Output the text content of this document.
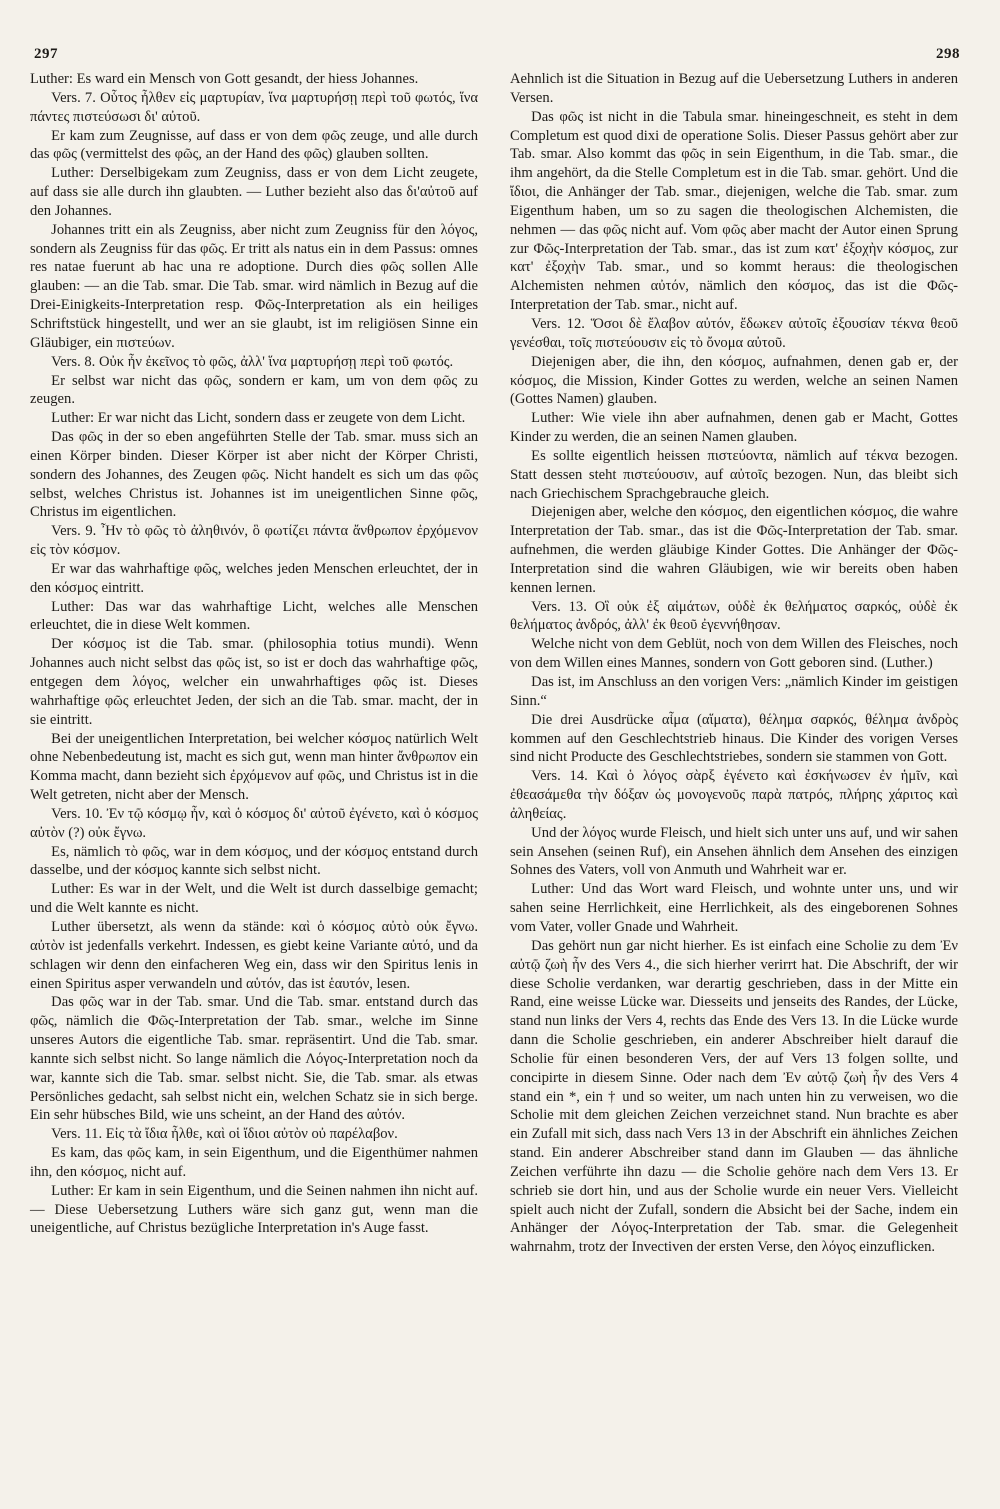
297	298

Luther: Es ward ein Mensch von Gott gesandt, der hiess Johannes.

Vers. 7. Οὗτος ἦλθεν εἰς μαρτυρίαν, ἵνα μαρτυρήσῃ περὶ τοῦ φωτός, ἵνα πάντες πιστεύσωσι δι' αὐτοῦ.

Er kam zum Zeugnisse, auf dass er von dem φῶς zeuge, und alle durch das φῶς (vermittelst des φῶς, an der Hand des φῶς) glauben sollten.

Luther: Derselbigekam zum Zeugniss, dass er von dem Licht zeugete, auf dass sie alle durch ihn glaubten. — Luther bezieht also das δι'αὐτοῦ auf den Johannes.

Johannes tritt ein als Zeugniss, aber nicht zum Zeugniss für den λόγος, sondern als Zeugniss für das φῶς. Er tritt als natus ein in dem Passus: omnes res natae fuerunt ab hac una re adoptione. Durch dies φῶς sollen Alle glauben: — an die Tab. smar. Die Tab. smar. wird nämlich in Bezug auf die Drei-Einigkeits-Interpretation resp. Φῶς-Interpretation als ein heiliges Schriftstück hingestellt, und wer an sie glaubt, ist im religiösen Sinne ein Gläubiger, ein πιστεύων.

Vers. 8. Οὐκ ἦν ἐκεῖνος τὸ φῶς, ἀλλ' ἵνα μαρτυρήσῃ περὶ τοῦ φωτός.

Er selbst war nicht das φῶς, sondern er kam, um von dem φῶς zu zeugen.

Luther: Er war nicht das Licht, sondern dass er zeugete von dem Licht.

Das φῶς in der so eben angeführten Stelle der Tab. smar. muss sich an einen Körper binden. Dieser Körper ist aber nicht der Körper Christi, sondern des Johannes, des Zeugen φῶς. Nicht handelt es sich um das φῶς selbst, welches Christus ist. Johannes ist im uneigentlichen Sinne φῶς, Christus im eigentlichen.

Vers. 9. Ἦν τὸ φῶς τὸ ἀληθινόν, ὃ φωτίζει πάντα ἄνθρωπον ἐρχόμενον εἰς τὸν κόσμον.

Er war das wahrhaftige φῶς, welches jeden Menschen erleuchtet, der in den κόσμος eintritt.

Luther: Das war das wahrhaftige Licht, welches alle Menschen erleuchtet, die in diese Welt kommen.

Der κόσμος ist die Tab. smar. (philosophia totius mundi). Wenn Johannes auch nicht selbst das φῶς ist, so ist er doch das wahrhaftige φῶς, entgegen dem λόγος, welcher ein unwahrhaftiges φῶς ist. Dieses wahrhaftige φῶς erleuchtet Jeden, der sich an die Tab. smar. macht, der in sie eintritt.

Bei der uneigentlichen Interpretation, bei welcher κόσμος natürlich Welt ohne Nebenbedeutung ist, macht es sich gut, wenn man hinter ἄνθρωπον ein Komma macht, dann bezieht sich ἐρχόμενον auf φῶς, und Christus ist in die Welt getreten, nicht aber der Mensch.

Vers. 10. Ἐν τῷ κόσμῳ ἦν, καὶ ὁ κόσμος δι' αὐτοῦ ἐγένετο, καὶ ὁ κόσμος αὐτὸν (?) οὐκ ἔγνω.

Es, nämlich τὸ φῶς, war in dem κόσμος, und der κόσμος entstand durch dasselbe, und der κόσμος kannte sich selbst nicht.

Luther: Es war in der Welt, und die Welt ist durch dasselbige gemacht; und die Welt kannte es nicht.

Luther übersetzt, als wenn da stände: καὶ ὁ κόσμος αὐτὸ οὐκ ἔγνω. αὐτὸν ist jedenfalls verkehrt. Indessen, es giebt keine Variante αὐτό, und da schlagen wir denn den einfacheren Weg ein, dass wir den Spiritus lenis in einen Spiritus asper verwandeln und αὑτόν, das ist ἑαυτόν, lesen.

Das φῶς war in der Tab. smar. Und die Tab. smar. entstand durch das φῶς, nämlich die Φῶς-Interpretation der Tab. smar., welche im Sinne unseres Autors die eigentliche Tab. smar. repräsentirt. Und die Tab. smar. kannte sich selbst nicht. So lange nämlich die Λόγος-Interpretation noch da war, kannte sich die Tab. smar. selbst nicht. Sie, die Tab. smar. als etwas Persönliches gedacht, sah selbst nicht ein, welchen Schatz sie in sich berge. Ein sehr hübsches Bild, wie uns scheint, an der Hand des αὐτόν.

Vers. 11. Εἰς τὰ ἴδια ἦλθε, καὶ οἱ ἴδιοι αὐτὸν οὐ παρέλαβον.

Es kam, das φῶς kam, in sein Eigenthum, und die Eigenthümer nahmen ihn, den κόσμος, nicht auf.

Luther: Er kam in sein Eigenthum, und die Seinen nahmen ihn nicht auf. — Diese Uebersetzung Luthers wäre sich ganz gut, wenn man die uneigentliche, auf Christus bezügliche Interpretation in's Auge fasst.

Aehnlich ist die Situation in Bezug auf die Uebersetzung Luthers in anderen Versen.

Das φῶς ist nicht in die Tabula smar. hineingeschneit, es steht in dem Completum est quod dixi de operatione Solis. Dieser Passus gehört aber zur Tab. smar. Also kommt das φῶς in sein Eigenthum, in die Tab. smar., die ihm angehört, da die Stelle Completum est in die Tab. smar. gehört. Und die ἴδιοι, die Anhänger der Tab. smar., diejenigen, welche die Tab. smar. zum Eigenthum haben, um so zu sagen die theologischen Alchemisten, die nehmen — das φῶς nicht auf. Vom φῶς aber macht der Autor einen Sprung zur Φῶς-Interpretation der Tab. smar., das ist zum κατ' ἐξοχὴν κόσμος, zur κατ' ἐξοχὴν Tab. smar., und so kommt heraus: die theologischen Alchemisten nehmen αὐτόν, nämlich den κόσμος, das ist die Φῶς-Interpretation der Tab. smar., nicht auf.

Vers. 12. Ὅσοι δὲ ἔλαβον αὐτόν, ἔδωκεν αὐτοῖς ἐξουσίαν τέκνα θεοῦ γενέσθαι, τοῖς πιστεύουσιν εἰς τὸ ὄνομα αὐτοῦ.

Diejenigen aber, die ihn, den κόσμος, aufnahmen, denen gab er, der κόσμος, die Mission, Kinder Gottes zu werden, welche an seinen Namen (Gottes Namen) glauben.

Luther: Wie viele ihn aber aufnahmen, denen gab er Macht, Gottes Kinder zu werden, die an seinen Namen glauben.

Es sollte eigentlich heissen πιστεύοντα, nämlich auf τέκνα bezogen. Statt dessen steht πιστεύουσιν, auf αὐτοῖς bezogen. Nun, das bleibt sich nach Griechischem Sprachgebrauche gleich.

Diejenigen aber, welche den κόσμος, den eigentlichen κόσμος, die wahre Interpretation der Tab. smar., das ist die Φῶς-Interpretation der Tab. smar. aufnehmen, die werden gläubige Kinder Gottes. Die Anhänger der Φῶς-Interpretation sind die wahren Gläubigen, wie wir bereits oben haben kennen lernen.

Vers. 13. Οἳ οὐκ ἐξ αἱμάτων, οὐδὲ ἐκ θελήματος σαρκός, οὐδὲ ἐκ θελήματος ἀνδρός, ἀλλ' ἐκ θεοῦ ἐγεννήθησαν.

Welche nicht von dem Geblüt, noch von dem Willen des Fleisches, noch von dem Willen eines Mannes, sondern von Gott geboren sind. (Luther.)

Das ist, im Anschluss an den vorigen Vers: „nämlich Kinder im geistigen Sinn.“

Die drei Ausdrücke αἷμα (αἵματα), θέλημα σαρκός, θέλημα ἀνδρὸς kommen auf den Geschlechtstrieb hinaus. Die Kinder des vorigen Verses sind nicht Producte des Geschlechtstriebes, sondern sie stammen von Gott.

Vers. 14. Καὶ ὁ λόγος σὰρξ ἐγένετο καὶ ἐσκήνωσεν ἐν ἡμῖν, καὶ ἐθεασάμεθα τὴν δόξαν ὡς μονογενοῦς παρὰ πατρός, πλήρης χάριτος καὶ ἀληθείας.

Und der λόγος wurde Fleisch, und hielt sich unter uns auf, und wir sahen sein Ansehen (seinen Ruf), ein Ansehen ähnlich dem Ansehen des einzigen Sohnes des Vaters, voll von Anmuth und Wahrheit war er.

Luther: Und das Wort ward Fleisch, und wohnte unter uns, und wir sahen seine Herrlichkeit, eine Herrlichkeit, als des eingeborenen Sohnes vom Vater, voller Gnade und Wahrheit.

Das gehört nun gar nicht hierher. Es ist einfach eine Scholie zu dem Ἐν αὐτῷ ζωὴ ἦν des Vers 4., die sich hierher verirrt hat. Die Abschrift, der wir diese Scholie verdanken, war derartig geschrieben, dass in der Mitte ein Rand, eine weisse Lücke war. Diesseits und jenseits des Randes, der Lücke, stand nun links der Vers 4, rechts das Ende des Vers 13. In die Lücke wurde dann die Scholie geschrieben, ein anderer Abschreiber hielt darauf die Scholie für einen besonderen Vers, der auf Vers 13 folgen sollte, und concipirte in diesem Sinne. Oder nach dem Ἐν αὐτῷ ζωὴ ἦν des Vers 4 stand ein *, ein † und so weiter, um nach unten hin zu verweisen, wo die Scholie mit dem gleichen Zeichen verzeichnet stand. Nun brachte es aber ein Zufall mit sich, dass nach Vers 13 in der Abschrift ein ähnliches Zeichen stand. Ein anderer Abschreiber stand dann im Glauben — das ähnliche Zeichen verführte ihn dazu — die Scholie gehöre nach dem Vers 13. Er schrieb sie dort hin, und aus der Scholie wurde ein neuer Vers. Vielleicht spielt auch nicht der Zufall, sondern die Absicht bei der Sache, indem ein Anhänger der Λόγος-Interpretation der Tab. smar. die Gelegenheit wahrnahm, trotz der Invectiven der ersten Verse, den λόγος einzuflicken.
